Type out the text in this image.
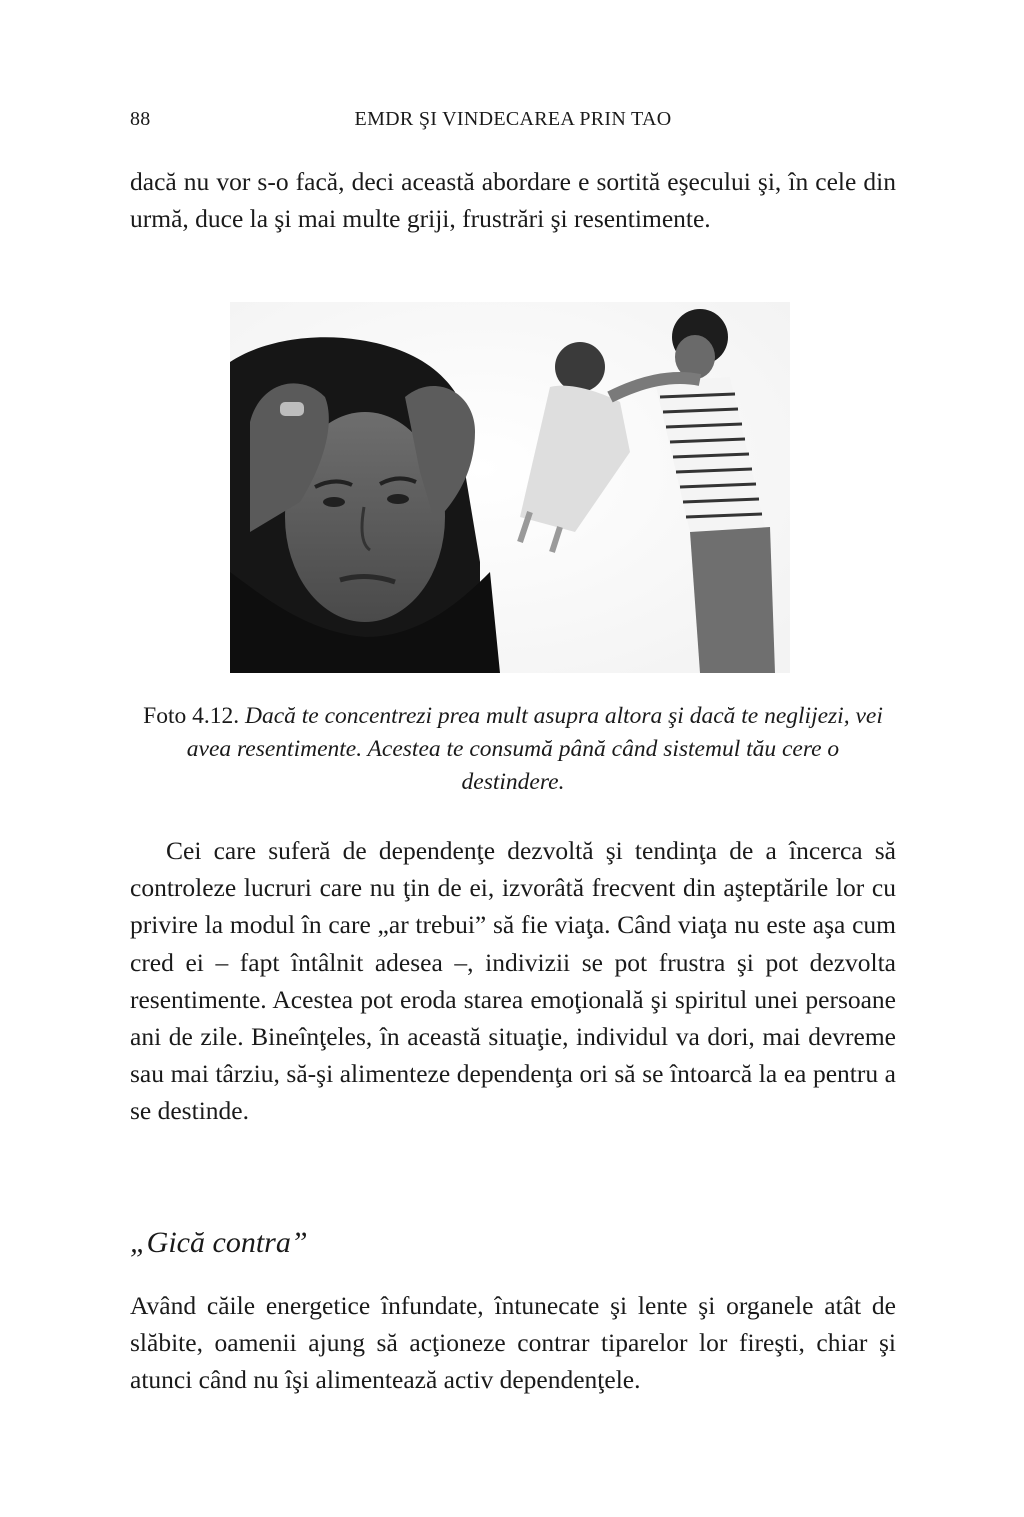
88	EMDR ŞI VINDECAREA PRIN TAO

dacă nu vor s-o facă, deci această abordare e sortită eşecului şi, în cele din urmă, duce la şi mai multe griji, frustrări şi resentimente.

Foto 4.12. Dacă te concentrezi prea mult asupra altora şi dacă te neglijezi, vei avea resentimente. Acestea te consumă până când sistemul tău cere o destindere.

Cei care suferă de dependenţe dezvoltă şi tendinţa de a încerca să controleze lucruri care nu ţin de ei, izvorâtă frecvent din aşteptările lor cu privire la modul în care „ar trebui” să fie viaţa. Când viaţa nu este aşa cum cred ei – fapt întâlnit adesea –, indivizii se pot frustra şi pot dezvolta resentimente. Acestea pot eroda starea emoţională şi spiritul unei persoane ani de zile. Bineînţeles, în această situaţie, individul va dori, mai devreme sau mai târziu, să-şi alimenteze dependenţa ori să se întoarcă la ea pentru a se destinde.

„Gică contra”

Având căile energetice înfundate, întunecate şi lente şi organele atât de slăbite, oamenii ajung să acţioneze contrar tiparelor lor fireşti, chiar şi atunci când nu îşi alimentează activ dependenţele.
